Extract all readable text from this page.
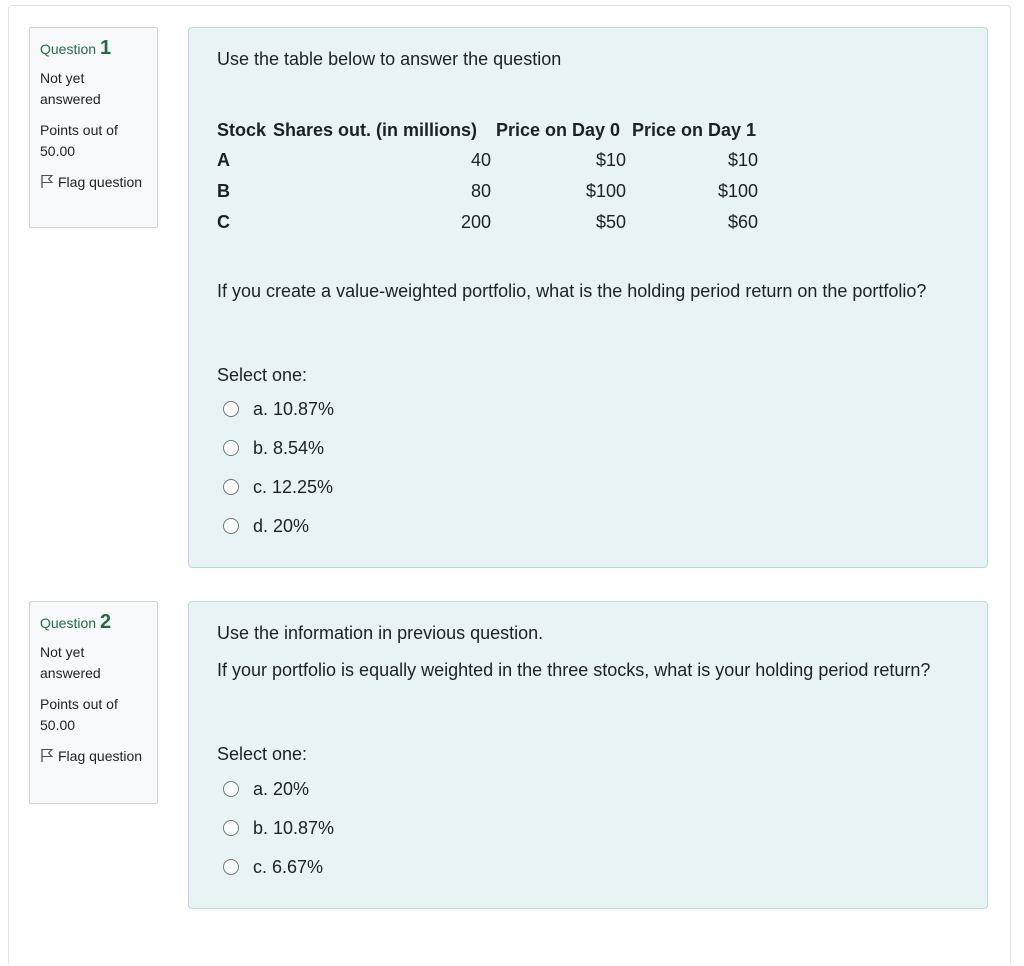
Question 1
Not yet answered
Points out of 50.00
Flag question
Use the table below to answer the question
Stock Shares out. (in millions) Price on Day 0 Price on Day 1
A	40	$10	$10
B	80	$100	$100
C	200	$50	$60
If you create a value-weighted portfolio, what is the holding period return on the portfolio?
Select one:
a. 10.87%
b. 8.54%
c. 12.25%
d. 20%
Question 2
Not yet answered
Points out of 50.00
Flag question
Use the information in previous question.
If your portfolio is equally weighted in the three stocks, what is your holding period return?
Select one:
a. 20%
b. 10.87%
c. 6.67%
